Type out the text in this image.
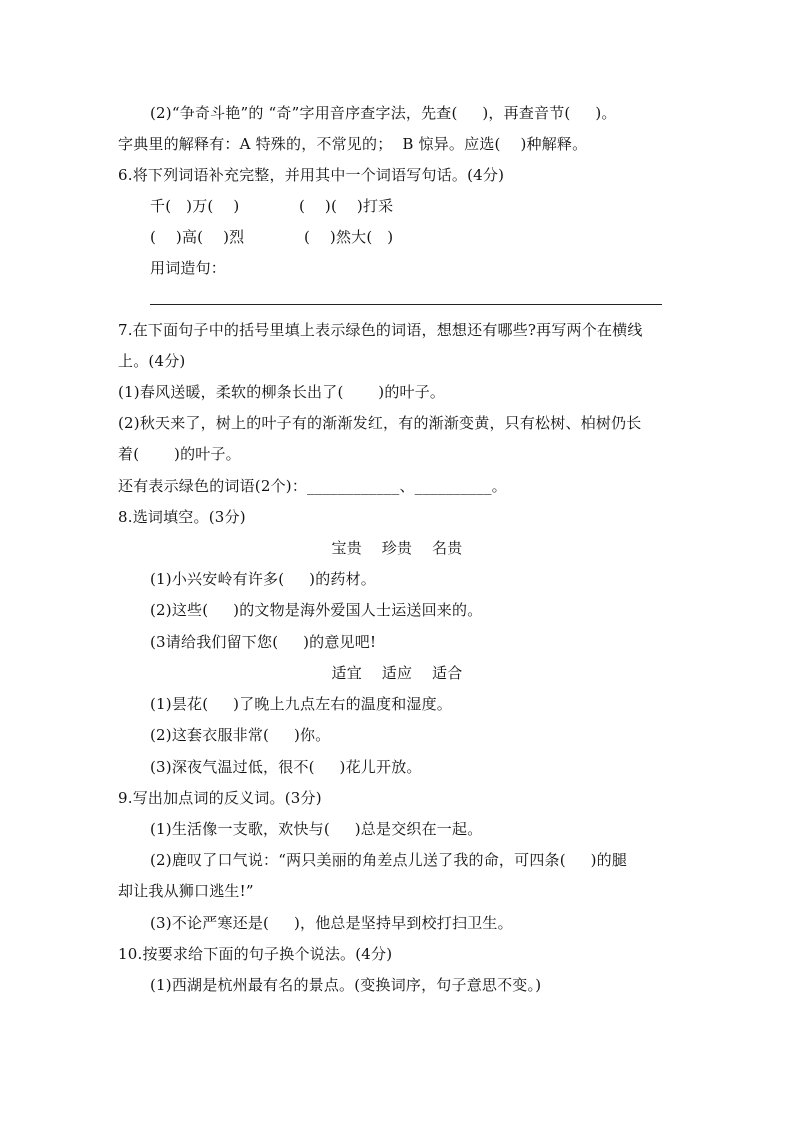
(2)“争奇斗艳”的 “奇”字用音序查字法，先查(     )，再查音节(     )。
字典里的解释有：A 特殊的，不常见的；  B 惊异。应选(    )种解释。
6.将下列词语补充完整，并用其中一个词语写句话。(4分)
千(   )万(    )            (    )(    )打采
(    )高(    )烈            (    )然大(   )
用词造句：
7.在下面句子中的括号里填上表示绿色的词语，想想还有哪些?再写两个在横线
上。(4分)
(1)春风送暖，柔软的柳条长出了(       )的叶子。
(2)秋天来了，树上的叶子有的渐渐发红，有的渐渐变黄，只有松树、柏树仍长
着(       )的叶子。
还有表示绿色的词语(2个)：____________、__________。
8.选词填空。(3分)
宝贵    珍贵    名贵
(1)小兴安岭有许多(     )的药材。
(2)这些(     )的文物是海外爱国人士运送回来的。
(3请给我们留下您(     )的意见吧!
适宜    适应    适合
(1)昙花(     )了晚上九点左右的温度和湿度。
(2)这套衣服非常(     )你。
(3)深夜气温过低，很不(     )花儿开放。
9.写出加点词的反义词。(3分)
(1)生活像一支歌，欢快与(     )总是交织在一起。
(2)鹿叹了口气说：“两只美丽的角差点儿送了我的命，可四条(     )的腿
却让我从狮口逃生!”
(3)不论严寒还是(     )，他总是坚持早到校打扫卫生。
10.按要求给下面的句子换个说法。(4分)
(1)西湖是杭州最有名的景点。(变换词序，句子意思不变。)
